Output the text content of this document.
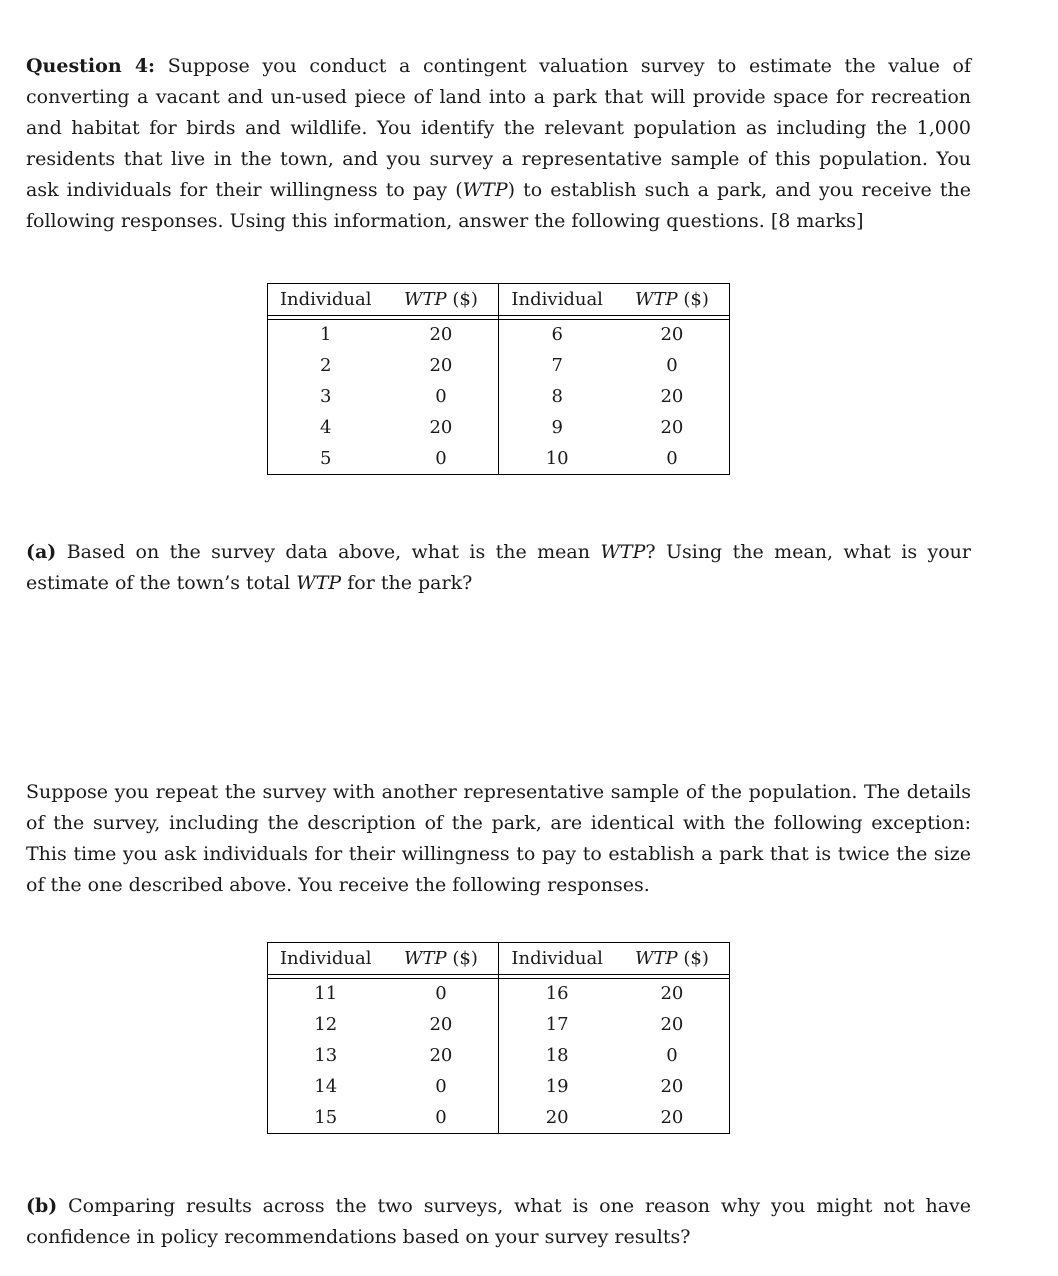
Question 4: Suppose you conduct a contingent valuation survey to estimate the value of converting a vacant and un-used piece of land into a park that will provide space for recreation and habitat for birds and wildlife. You identify the relevant population as including the 1,000 residents that live in the town, and you survey a representative sample of this population. You ask individuals for their willingness to pay (WTP) to establish such a park, and you receive the following responses. Using this information, answer the following questions. [8 marks]

Individual	WTP ($)	Individual	WTP ($)

1	20	6	20
2	20	7	0
3	0	8	20
4	20	9	20
5	0	10	0

(a) Based on the survey data above, what is the mean WTP? Using the mean, what is your estimate of the town’s total WTP for the park?

Suppose you repeat the survey with another representative sample of the population. The details of the survey, including the description of the park, are identical with the following exception: This time you ask individuals for their willingness to pay to establish a park that is twice the size of the one described above. You receive the following responses.

Individual	WTP ($)	Individual	WTP ($)

11	0	16	20
12	20	17	20
13	20	18	0
14	0	19	20
15	0	20	20

(b) Comparing results across the two surveys, what is one reason why you might not have confidence in policy recommendations based on your survey results?
